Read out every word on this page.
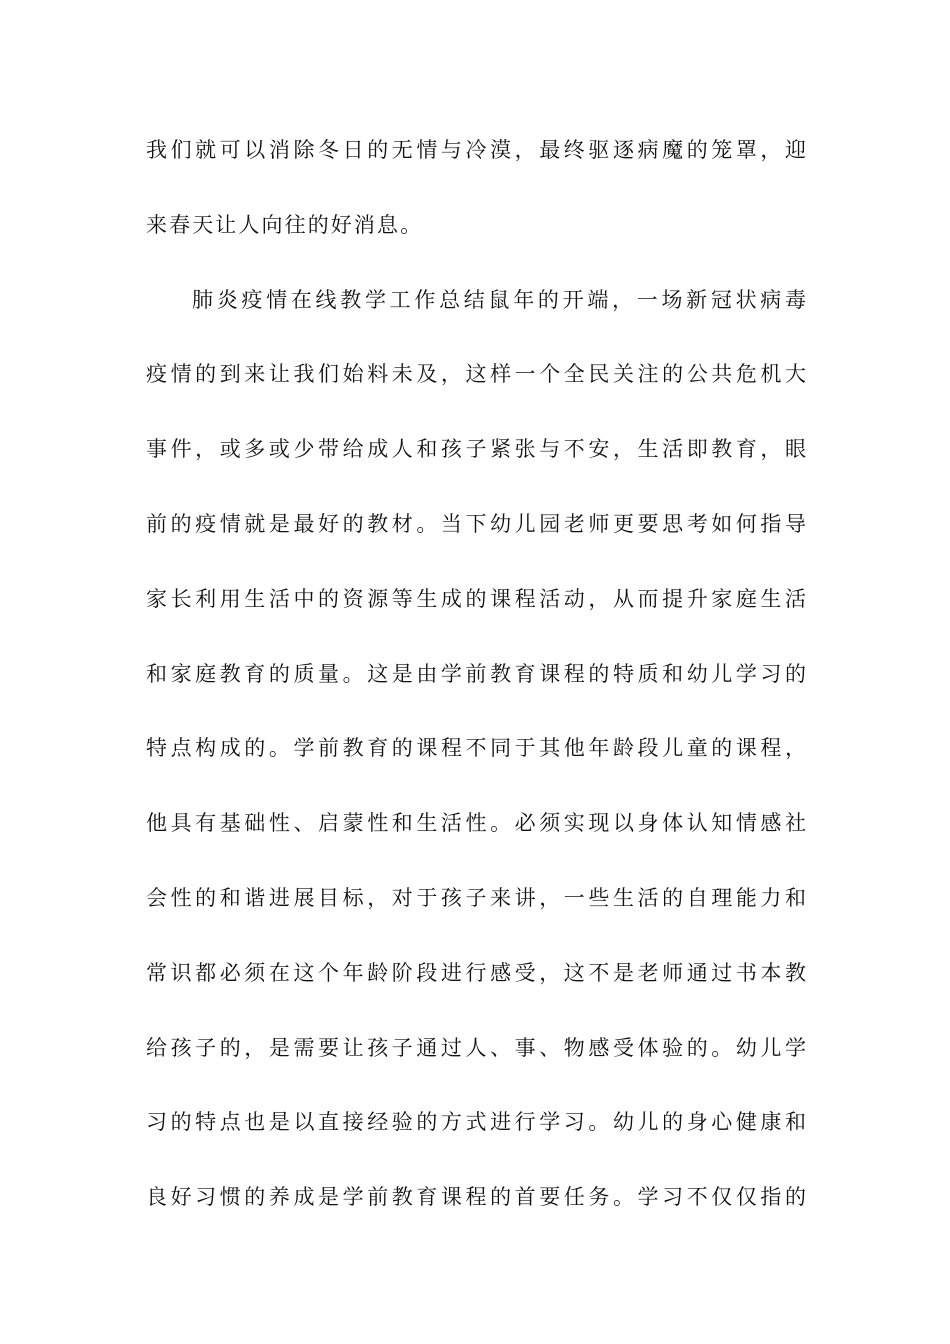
我们就可以消除冬日的无情与冷漠，最终驱逐病魔的笼罩，迎
来春天让人向往的好消息。
肺炎疫情在线教学工作总结鼠年的开端，一场新冠状病毒
疫情的到来让我们始料未及，这样一个全民关注的公共危机大
事件，或多或少带给成人和孩子紧张与不安，生活即教育，眼
前的疫情就是最好的教材。当下幼儿园老师更要思考如何指导
家长利用生活中的资源等生成的课程活动，从而提升家庭生活
和家庭教育的质量。这是由学前教育课程的特质和幼儿学习的
特点构成的。学前教育的课程不同于其他年龄段儿童的课程，
他具有基础性、启蒙性和生活性。必须实现以身体认知情感社
会性的和谐进展目标，对于孩子来讲，一些生活的自理能力和
常识都必须在这个年龄阶段进行感受，这不是老师通过书本教
给孩子的，是需要让孩子通过人、事、物感受体验的。幼儿学
习的特点也是以直接经验的方式进行学习。幼儿的身心健康和
良好习惯的养成是学前教育课程的首要任务。学习不仅仅指的
